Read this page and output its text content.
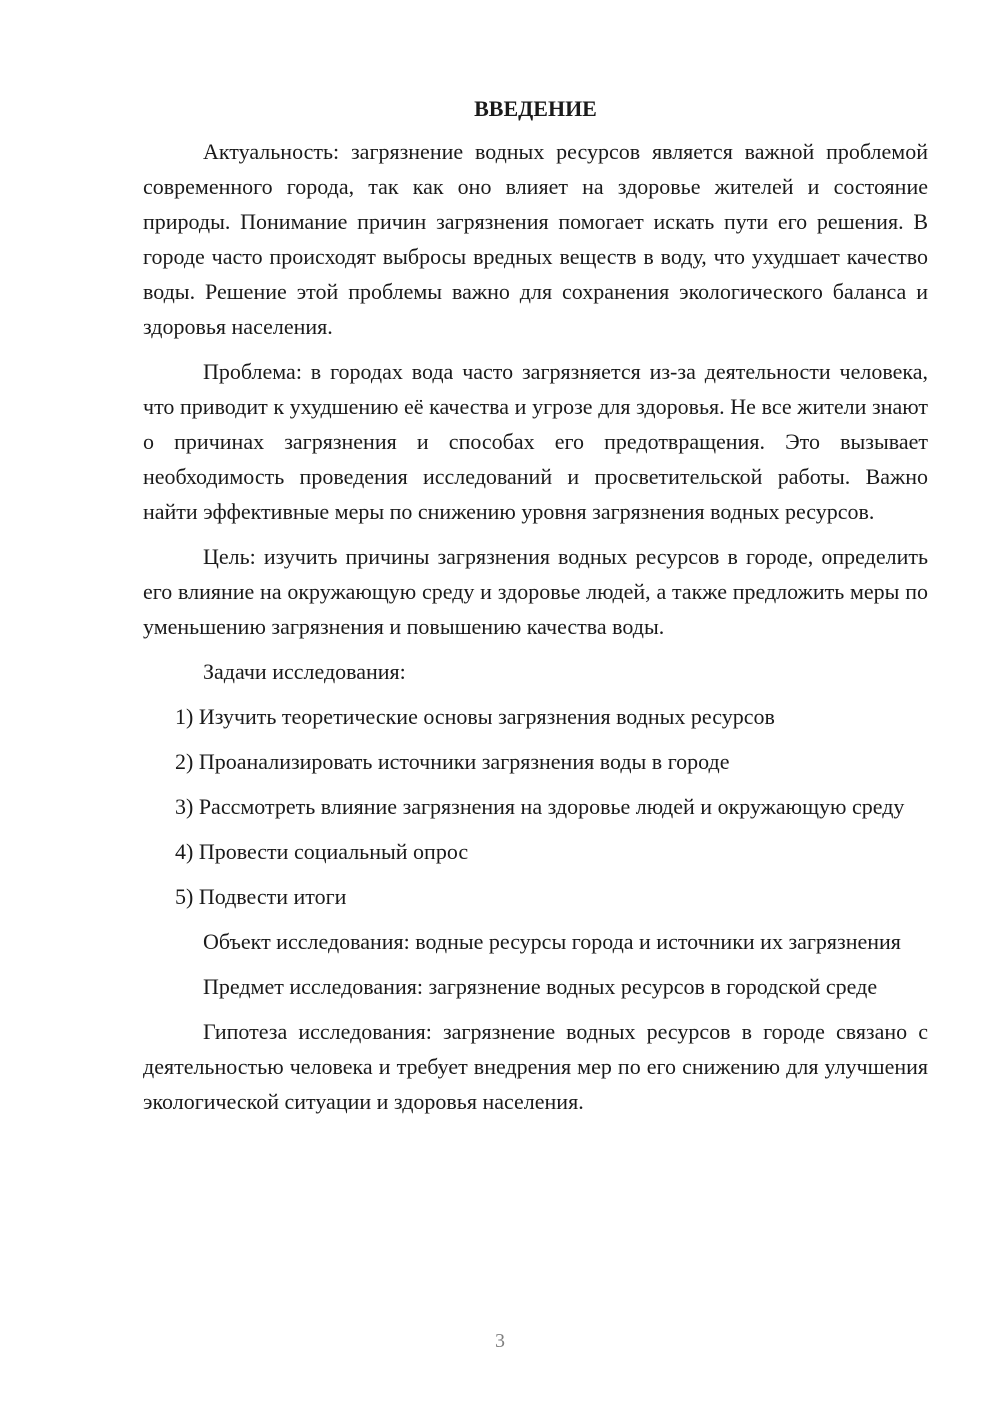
ВВЕДЕНИЕ

Актуальность: загрязнение водных ресурсов является важной проблемой современного города, так как оно влияет на здоровье жителей и состояние природы. Понимание причин загрязнения помогает искать пути его решения. В городе часто происходят выбросы вредных веществ в воду, что ухудшает качество воды. Решение этой проблемы важно для сохранения экологического баланса и здоровья населения.

Проблема: в городах вода часто загрязняется из-за деятельности человека, что приводит к ухудшению её качества и угрозе для здоровья. Не все жители знают о причинах загрязнения и способах его предотвращения. Это вызывает необходимость проведения исследований и просветительской работы. Важно найти эффективные меры по снижению уровня загрязнения водных ресурсов.

Цель: изучить причины загрязнения водных ресурсов в городе, определить его влияние на окружающую среду и здоровье людей, а также предложить меры по уменьшению загрязнения и повышению качества воды.

Задачи исследования:

1) Изучить теоретические основы загрязнения водных ресурсов

2) Проанализировать источники загрязнения воды в городе

3) Рассмотреть влияние загрязнения на здоровье людей и окружающую среду

4) Провести социальный опрос

5) Подвести итоги

Объект исследования: водные ресурсы города и источники их загрязнения

Предмет исследования: загрязнение водных ресурсов в городской среде

Гипотеза исследования: загрязнение водных ресурсов в городе связано с деятельностью человека и требует внедрения мер по его снижению для улучшения экологической ситуации и здоровья населения.

3
